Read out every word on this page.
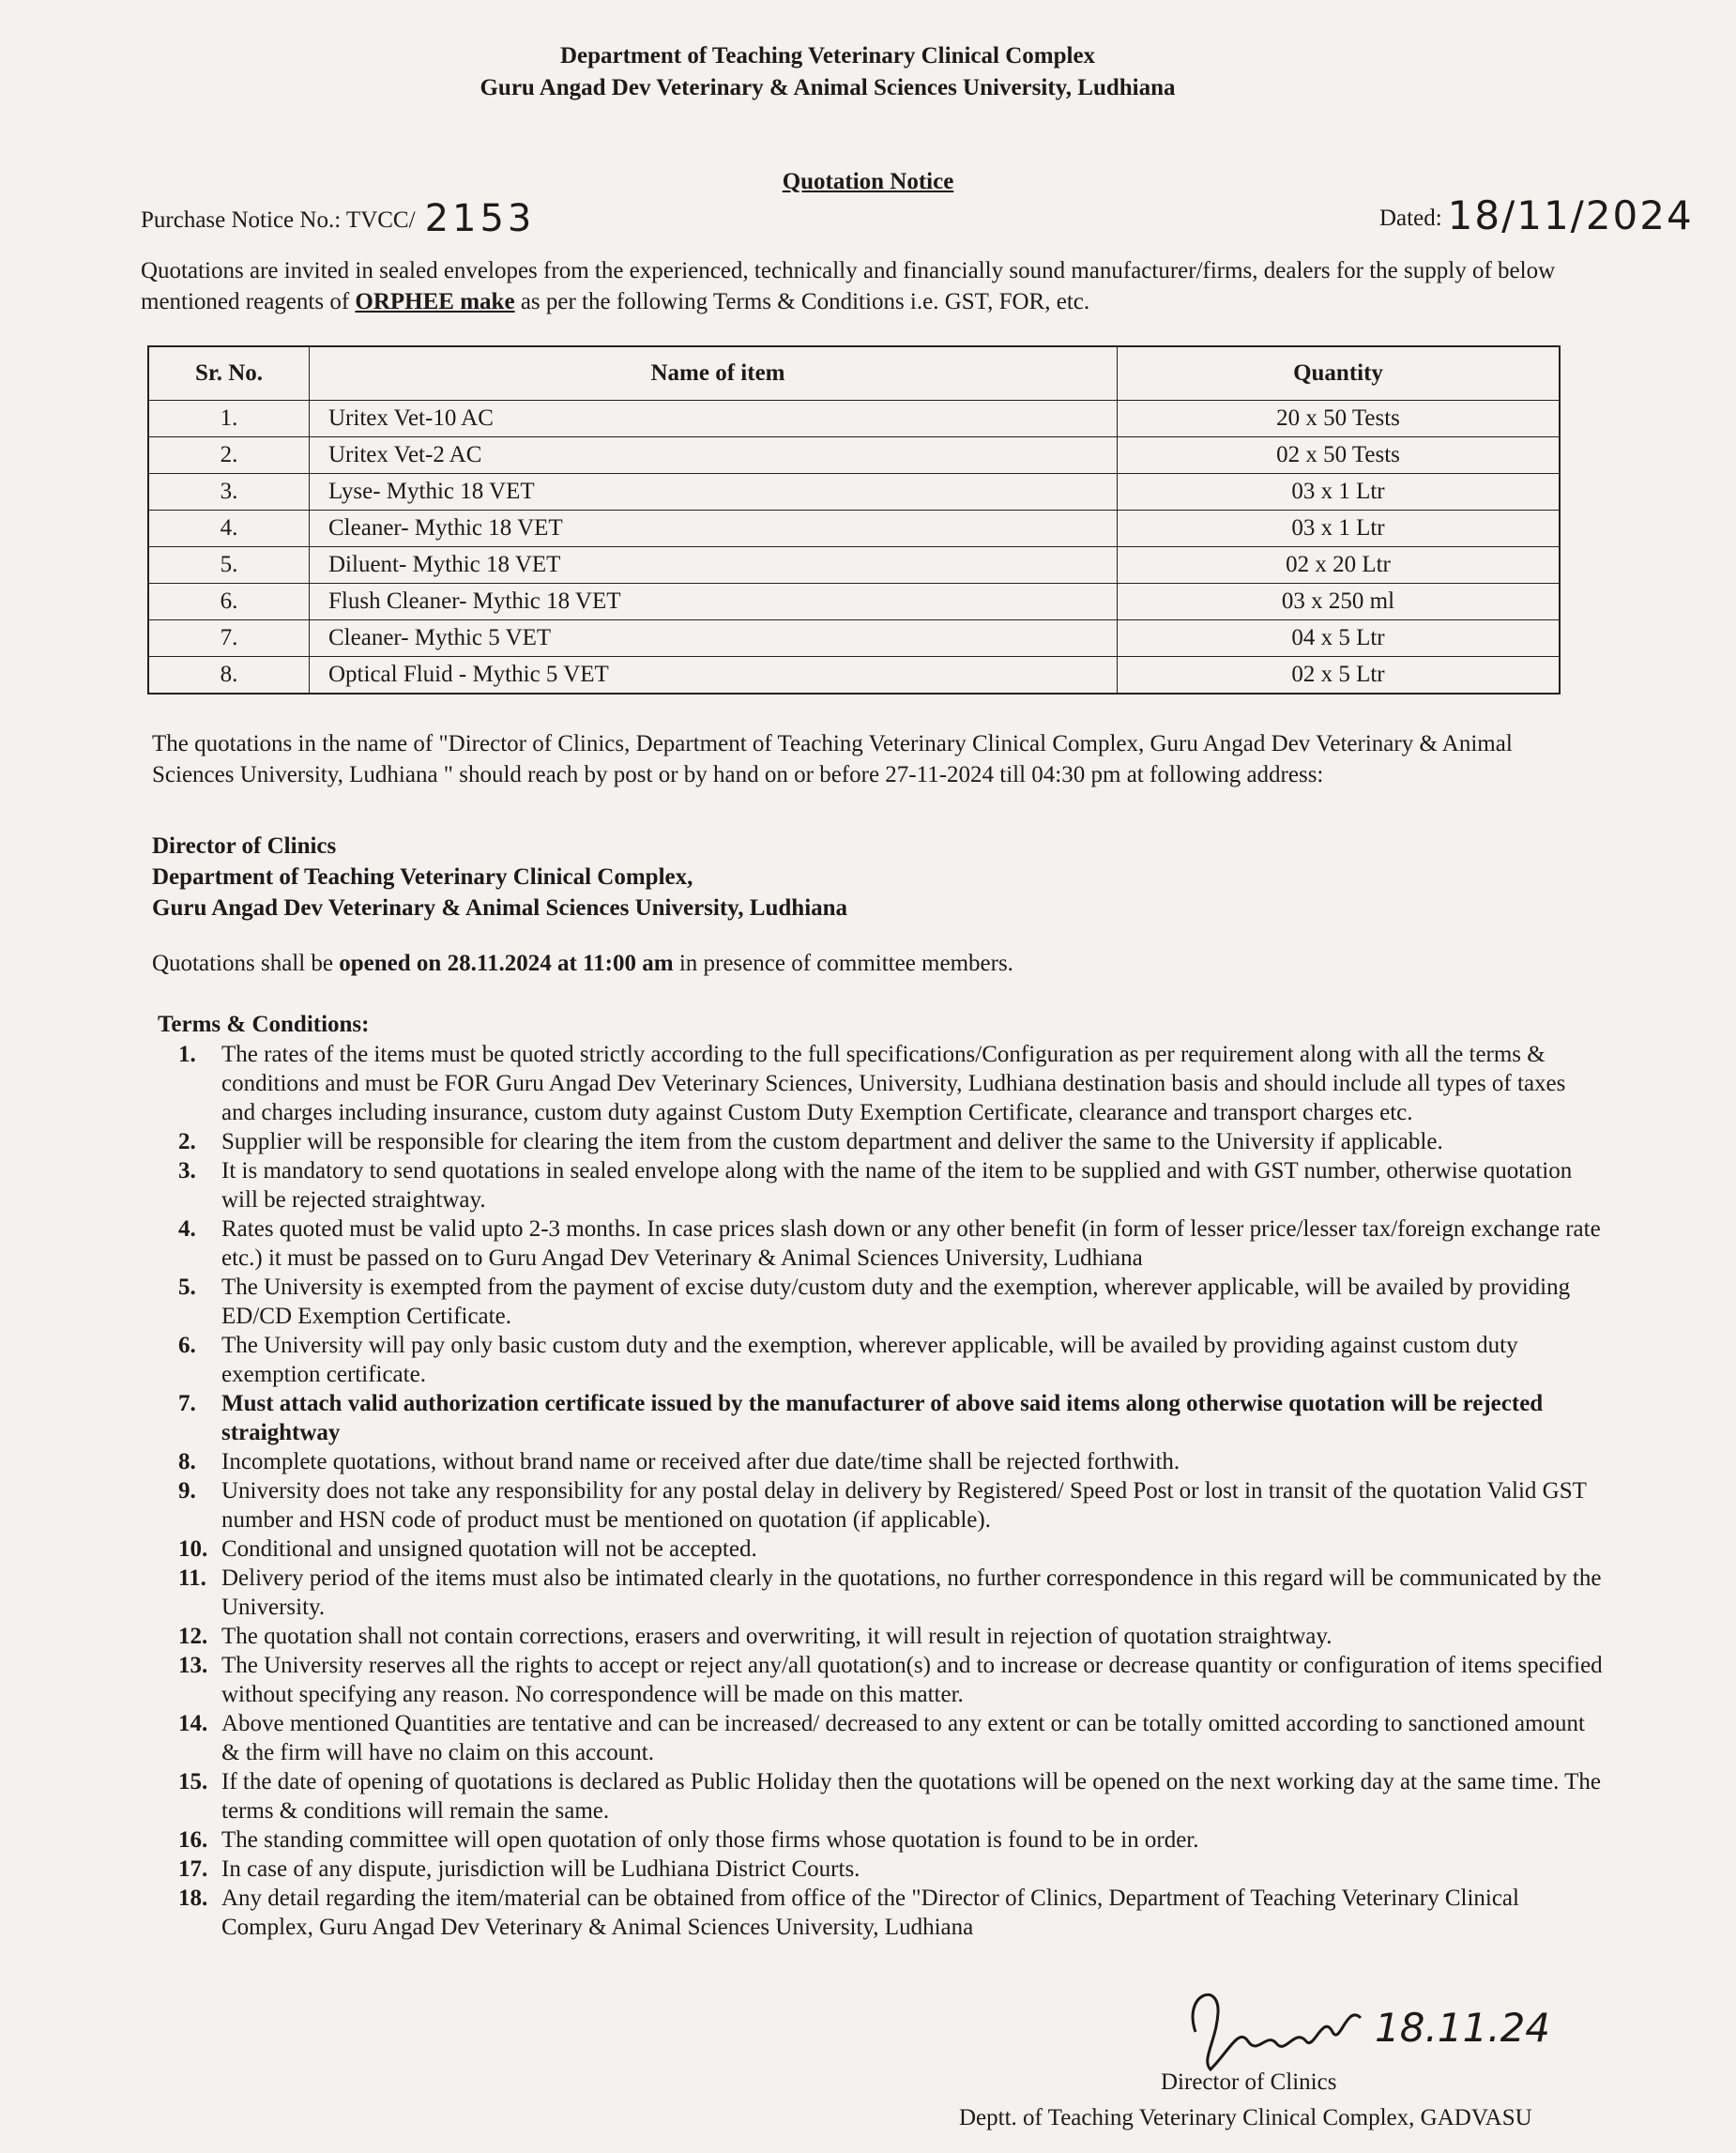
Department of Teaching Veterinary Clinical Complex
Guru Angad Dev Veterinary & Animal Sciences University, Ludhiana
Quotation Notice
Purchase Notice No.: TVCC/ 2153	Dated: 18/11/2024
Quotations are invited in sealed envelopes from the experienced, technically and financially sound manufacturer/firms, dealers for the supply of below mentioned reagents of ORPHEE make as per the following Terms & Conditions i.e. GST, FOR, etc.
Sr. No.	Name of item	Quantity
1.	Uritex Vet-10 AC	20 x 50 Tests
2.	Uritex Vet-2 AC	02 x 50 Tests
3.	Lyse- Mythic 18 VET	03 x 1 Ltr
4.	Cleaner- Mythic 18 VET	03 x 1 Ltr
5.	Diluent- Mythic 18 VET	02 x 20 Ltr
6.	Flush Cleaner- Mythic 18 VET	03 x 250 ml
7.	Cleaner- Mythic 5 VET	04 x 5 Ltr
8.	Optical Fluid - Mythic 5 VET	02 x 5 Ltr
The quotations in the name of "Director of Clinics, Department of Teaching Veterinary Clinical Complex, Guru Angad Dev Veterinary & Animal Sciences University, Ludhiana " should reach by post or by hand on or before 27-11-2024 till 04:30 pm at following address:
Director of Clinics
Department of Teaching Veterinary Clinical Complex,
Guru Angad Dev Veterinary & Animal Sciences University, Ludhiana
Quotations shall be opened on 28.11.2024 at 11:00 am in presence of committee members.
Terms & Conditions:
1. The rates of the items must be quoted strictly according to the full specifications/Configuration as per requirement along with all the terms & conditions and must be FOR Guru Angad Dev Veterinary Sciences, University, Ludhiana destination basis and should include all types of taxes and charges including insurance, custom duty against Custom Duty Exemption Certificate, clearance and transport charges etc.
2. Supplier will be responsible for clearing the item from the custom department and deliver the same to the University if applicable.
3. It is mandatory to send quotations in sealed envelope along with the name of the item to be supplied and with GST number, otherwise quotation will be rejected straightway.
4. Rates quoted must be valid upto 2-3 months. In case prices slash down or any other benefit (in form of lesser price/lesser tax/foreign exchange rate etc.) it must be passed on to Guru Angad Dev Veterinary & Animal Sciences University, Ludhiana
5. The University is exempted from the payment of excise duty/custom duty and the exemption, wherever applicable, will be availed by providing ED/CD Exemption Certificate.
6. The University will pay only basic custom duty and the exemption, wherever applicable, will be availed by providing against custom duty exemption certificate.
7. Must attach valid authorization certificate issued by the manufacturer of above said items along otherwise quotation will be rejected straightway
8. Incomplete quotations, without brand name or received after due date/time shall be rejected forthwith.
9. University does not take any responsibility for any postal delay in delivery by Registered/ Speed Post or lost in transit of the quotation Valid GST number and HSN code of product must be mentioned on quotation (if applicable).
10. Conditional and unsigned quotation will not be accepted.
11. Delivery period of the items must also be intimated clearly in the quotations, no further correspondence in this regard will be communicated by the University.
12. The quotation shall not contain corrections, erasers and overwriting, it will result in rejection of quotation straightway.
13. The University reserves all the rights to accept or reject any/all quotation(s) and to increase or decrease quantity or configuration of items specified without specifying any reason. No correspondence will be made on this matter.
14. Above mentioned Quantities are tentative and can be increased/ decreased to any extent or can be totally omitted according to sanctioned amount & the firm will have no claim on this account.
15. If the date of opening of quotations is declared as Public Holiday then the quotations will be opened on the next working day at the same time. The terms & conditions will remain the same.
16. The standing committee will open quotation of only those firms whose quotation is found to be in order.
17. In case of any dispute, jurisdiction will be Ludhiana District Courts.
18. Any detail regarding the item/material can be obtained from office of the "Director of Clinics, Department of Teaching Veterinary Clinical Complex, Guru Angad Dev Veterinary & Animal Sciences University, Ludhiana
18.11.24
Director of Clinics
Deptt. of Teaching Veterinary Clinical Complex, GADVASU
